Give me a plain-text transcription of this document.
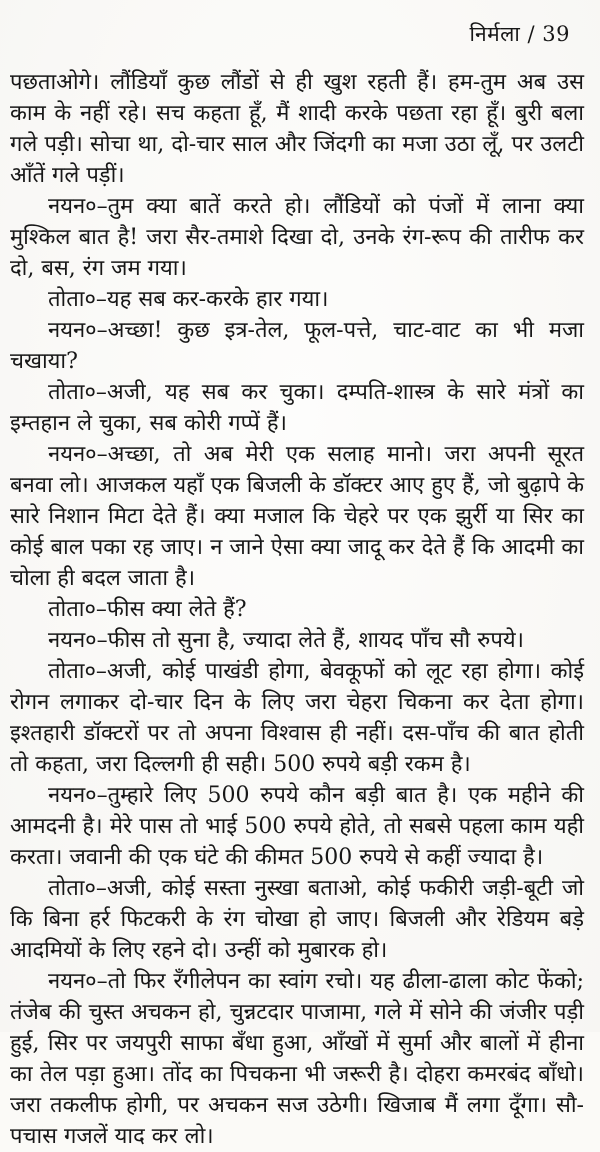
निर्मला / 39

पछताओगे। लौंडियाँ कुछ लौंडों से ही खुश रहती हैं। हम-तुम अब उस काम के नहीं रहे। सच कहता हूँ, मैं शादी करके पछता रहा हूँ। बुरी बला गले पड़ी। सोचा था, दो-चार साल और जिंदगी का मजा उठा लूँ, पर उलटी आँतें गले पड़ीं।

नयन०–तुम क्या बातें करते हो। लौंडियों को पंजों में लाना क्या मुश्किल बात है! जरा सैर-तमाशे दिखा दो, उनके रंग-रूप की तारीफ कर दो, बस, रंग जम गया।

तोता०–यह सब कर-करके हार गया।

नयन०–अच्छा! कुछ इत्र-तेल, फूल-पत्ते, चाट-वाट का भी मजा चखाया?

तोता०–अजी, यह सब कर चुका। दम्पति-शास्त्र के सारे मंत्रों का इम्तहान ले चुका, सब कोरी गप्पें हैं।

नयन०–अच्छा, तो अब मेरी एक सलाह मानो। जरा अपनी सूरत बनवा लो। आजकल यहाँ एक बिजली के डॉक्टर आए हुए हैं, जो बुढ़ापे के सारे निशान मिटा देते हैं। क्या मजाल कि चेहरे पर एक झुर्री या सिर का कोई बाल पका रह जाए। न जाने ऐसा क्या जादू कर देते हैं कि आदमी का चोला ही बदल जाता है।

तोता०–फीस क्या लेते हैं?

नयन०–फीस तो सुना है, ज्यादा लेते हैं, शायद पाँच सौ रुपये।

तोता०–अजी, कोई पाखंडी होगा, बेवकूफों को लूट रहा होगा। कोई रोगन लगाकर दो-चार दिन के लिए जरा चेहरा चिकना कर देता होगा। इश्तहारी डॉक्टरों पर तो अपना विश्वास ही नहीं। दस-पाँच की बात होती तो कहता, जरा दिल्लगी ही सही। 500 रुपये बड़ी रकम है।

नयन०–तुम्हारे लिए 500 रुपये कौन बड़ी बात है। एक महीने की आमदनी है। मेरे पास तो भाई 500 रुपये होते, तो सबसे पहला काम यही करता। जवानी की एक घंटे की कीमत 500 रुपये से कहीं ज्यादा है।

तोता०–अजी, कोई सस्ता नुस्खा बताओ, कोई फकीरी जड़ी-बूटी जो कि बिना हर्र फिटकरी के रंग चोखा हो जाए। बिजली और रेडियम बड़े आदमियों के लिए रहने दो। उन्हीं को मुबारक हो।

नयन०–तो फिर रँगीलेपन का स्वांग रचो। यह ढीला-ढाला कोट फेंको; तंजेब की चुस्त अचकन हो, चुन्नटदार पाजामा, गले में सोने की जंजीर पड़ी हुई, सिर पर जयपुरी साफा बँधा हुआ, आँखों में सुर्मा और बालों में हीना का तेल पड़ा हुआ। तोंद का पिचकना भी जरूरी है। दोहरा कमरबंद बाँधो। जरा तकलीफ होगी, पर अचकन सज उठेगी। खिजाब मैं लगा दूँगा। सौ-पचास गजलें याद कर लो।
